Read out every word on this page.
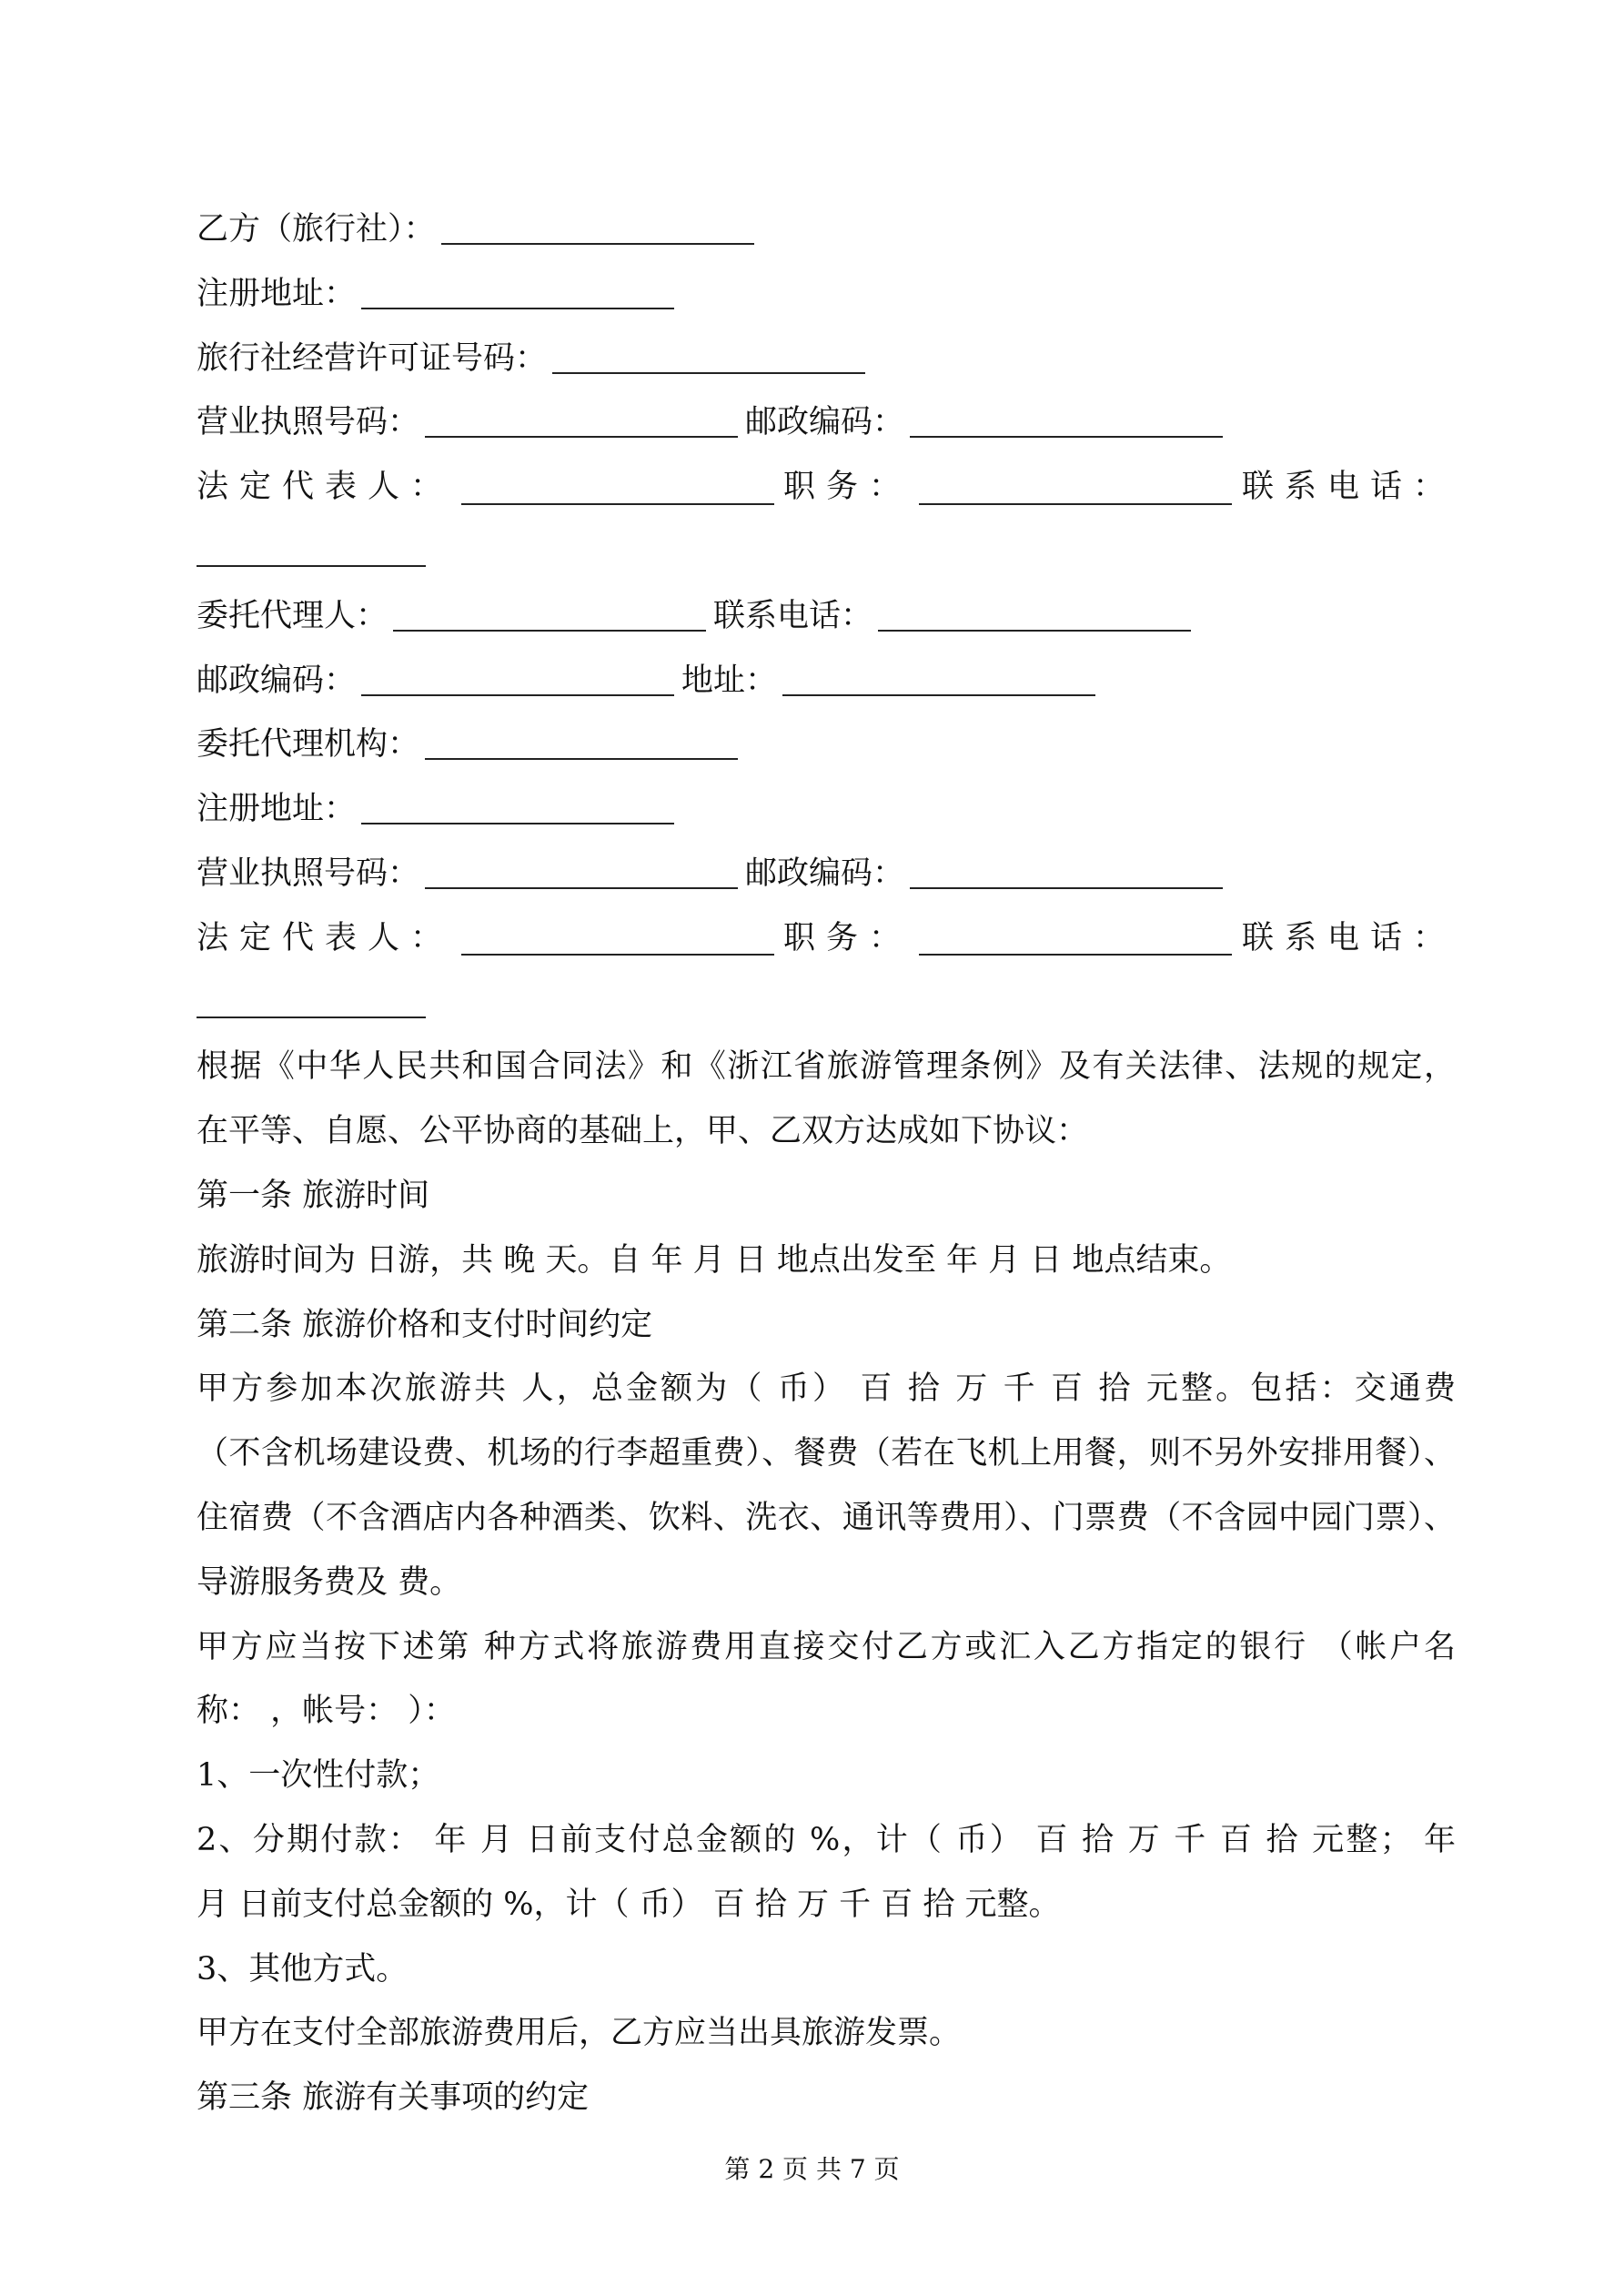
乙方（旅行社）：
注册地址：
旅行社经营许可证号码：
营业执照号码：	邮政编码：
法定代表人：	职务：	联系电话：
委托代理人：	联系电话：
邮政编码：	地址：
委托代理机构：
注册地址：
营业执照号码：	邮政编码：
法定代表人：	职务：	联系电话：
根据《中华人民共和国合同法》和《浙江省旅游管理条例》及有关法律、法规的规定，
在平等、自愿、公平协商的基础上，甲、乙双方达成如下协议：
第一条 旅游时间
旅游时间为 日游，共 晚 天。自 年 月 日 地点出发至 年 月 日 地点结束。
第二条 旅游价格和支付时间约定
甲方参加本次旅游共 人，总金额为（ 币） 百 拾 万 千 百 拾 元整。包括：交通费
（不含机场建设费、机场的行李超重费）、餐费（若在飞机上用餐，则不另外安排用餐）、
住宿费（不含酒店内各种酒类、饮料、洗衣、通讯等费用）、门票费（不含园中园门票）、
导游服务费及 费。
甲方应当按下述第 种方式将旅游费用直接交付乙方或汇入乙方指定的银行 （帐户名
称： ，帐号： ）：
1、一次性付款；
2、分期付款： 年 月 日前支付总金额的 %，计（ 币） 百 拾 万 千 百 拾 元整； 年
月 日前支付总金额的 %，计（ 币） 百 拾 万 千 百 拾 元整。
3、其他方式。
甲方在支付全部旅游费用后，乙方应当出具旅游发票。
第三条 旅游有关事项的约定
第 2 页 共 7 页
